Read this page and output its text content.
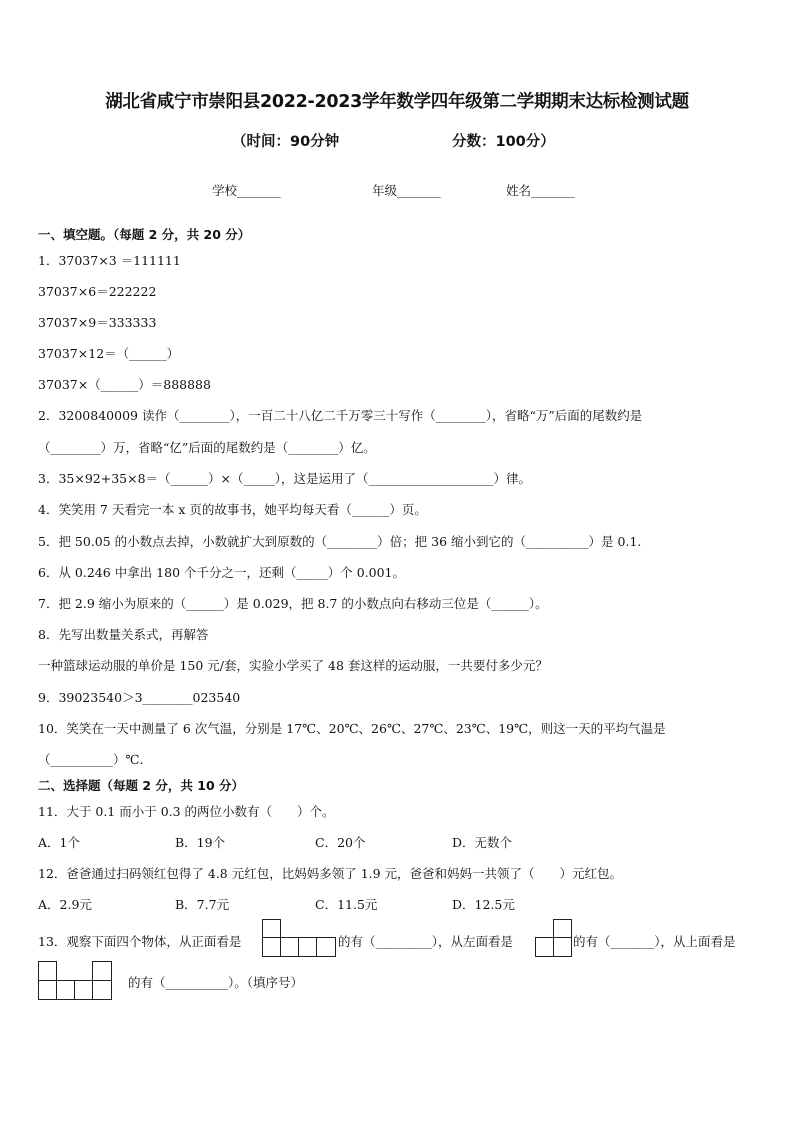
湖北省咸宁市崇阳县2022-2023学年数学四年级第二学期期末达标检测试题
（时间：90分钟	分数：100分）
学校_______	年级_______	姓名_______
一、填空题。（每题 2 分，共 20 分）
1．37037×3 ＝111111
37037×6＝222222
37037×9＝333333
37037×12＝（______）
37037×（______）＝888888
2．3200840009 读作（________），一百二十八亿二千万零三十写作（________），省略“万”后面的尾数约是
（________）万，省略“亿”后面的尾数约是（________）亿。
3．35×92+35×8＝（______）×（_____），这是运用了（____________________）律。
4．笑笑用 7 天看完一本 x 页的故事书，她平均每天看（______）页。
5．把 50.05 的小数点去掉，小数就扩大到原数的（________）倍；把 36 缩小到它的（__________）是 0.1.
6．从 0.246 中拿出 180 个千分之一，还剩（_____）个 0.001。
7．把 2.9 缩小为原来的（______）是 0.029，把 8.7 的小数点向右移动三位是（______）。
8．先写出数量关系式，再解答
一种篮球运动服的单价是 150 元/套，实验小学买了 48 套这样的运动服，一共要付多少元？
9．39023540＞3________023540
10．笑笑在一天中测量了 6 次气温，分别是 17℃、20℃、26℃、27℃、23℃、19℃，则这一天的平均气温是
（__________）℃.
二、选择题（每题 2 分，共 10 分）
11．大于 0.1 而小于 0.3 的两位小数有（　　）个。
A．1个	B．19个	C．20个	D．无数个
12．爸爸通过扫码领红包得了 4.8 元红包，比妈妈多领了 1.9 元，爸爸和妈妈一共领了（　　）元红包。
A．2.9元	B．7.7元	C．11.5元	D．12.5元
13．观察下面四个物体，从正面看是	的有（_________），从左面看是	的有（_______），从上面看是
的有（__________）。（填序号）
